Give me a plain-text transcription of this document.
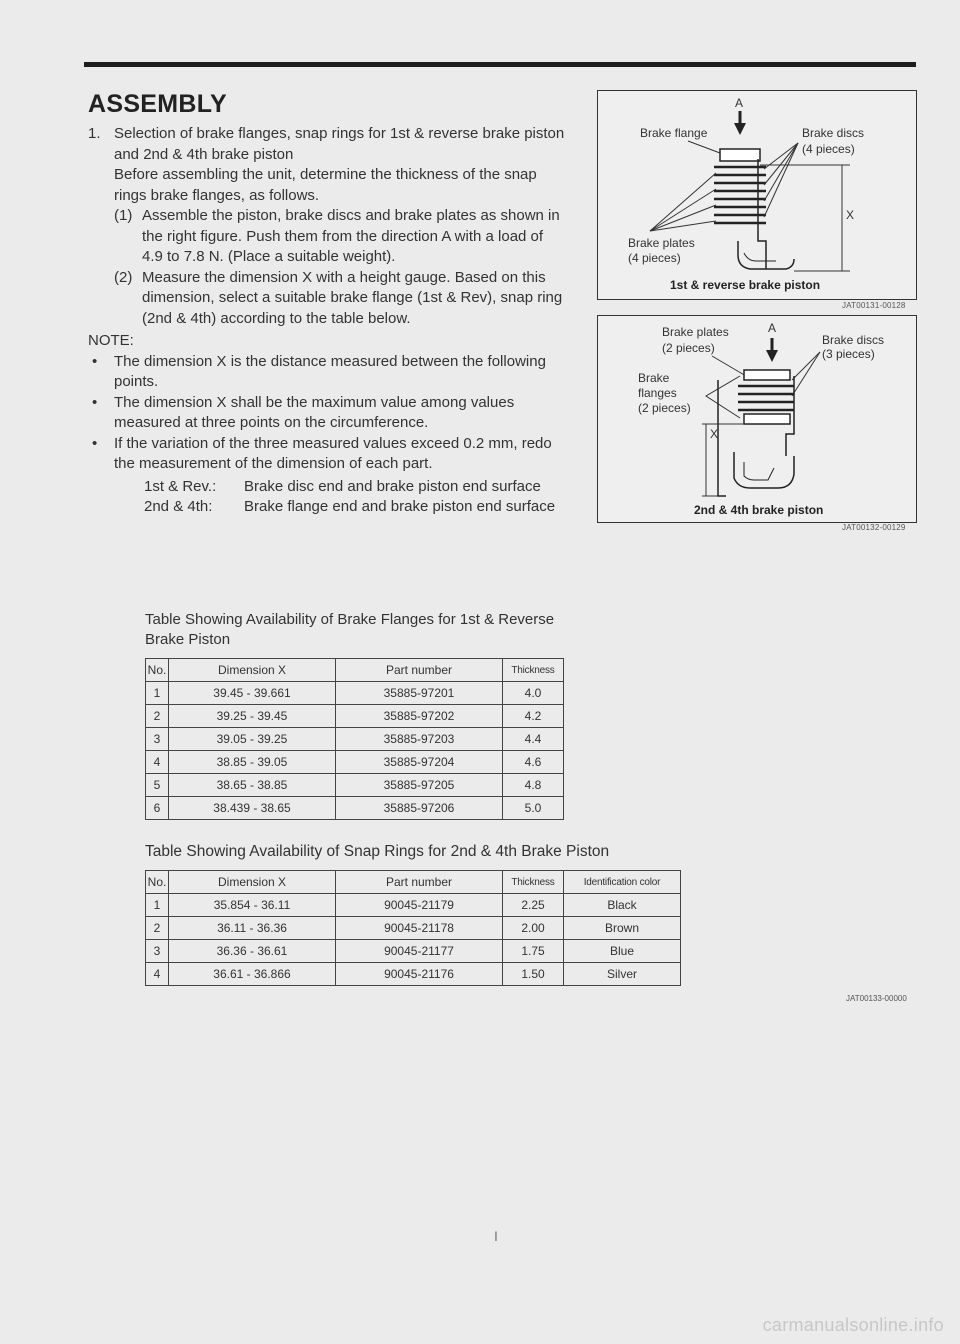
ASSEMBLY
1. Selection of brake flanges, snap rings for 1st & reverse brake piston and 2nd & 4th brake piston
Before assembling the unit, determine the thickness of the snap rings brake flanges, as follows.
(1) Assemble the piston, brake discs and brake plates as shown in the right figure. Push them from the direction A with a load of 4.9 to 7.8 N. (Place a suitable weight).
(2) Measure the dimension X with a height gauge. Based on this dimension, select a suitable brake flange (1st & Rev), snap ring (2nd & 4th) according to the table below.
NOTE:
•	The dimension X is the distance measured between the following points.
•	The dimension X shall be the maximum value among values measured at three points on the circumference.
•	If the variation of the three measured values exceed 0.2 mm, redo the measurement of the dimension of each part.
1st & Rev.:	Brake disc end and brake piston end surface
2nd & 4th:	Brake flange end and brake piston end surface
Table Showing Availability of Brake Flanges for 1st & Reverse Brake Piston
No.	Dimension X	Part number	Thickness
1	39.45 - 39.661	35885-97201	4.0
2	39.25 - 39.45	35885-97202	4.2
3	39.05 - 39.25	35885-97203	4.4
4	38.85 - 39.05	35885-97204	4.6
5	38.65 - 38.85	35885-97205	4.8
6	38.439 - 38.65	35885-97206	5.0
Table Showing Availability of Snap Rings for 2nd & 4th Brake Piston
No.	Dimension X	Part number	Thickness	Identification color
1	35.854 - 36.11	90045-21179	2.25	Black
2	36.11 - 36.36	90045-21178	2.00	Brown
3	36.36 - 36.61	90045-21177	1.75	Blue
4	36.61 - 36.866	90045-21176	1.50	Silver
A
Brake flange	Brake discs
(4 pieces)
Brake plates
(4 pieces)
X
1st & reverse brake piston
JAT00131-00128
Brake plates
(2 pieces)
A
Brake discs
(3 pieces)
Brake
flanges
(2 pieces)
X
2nd & 4th brake piston
JAT00132-00129
JAT00133-00000
I
carmanualsonline.info
